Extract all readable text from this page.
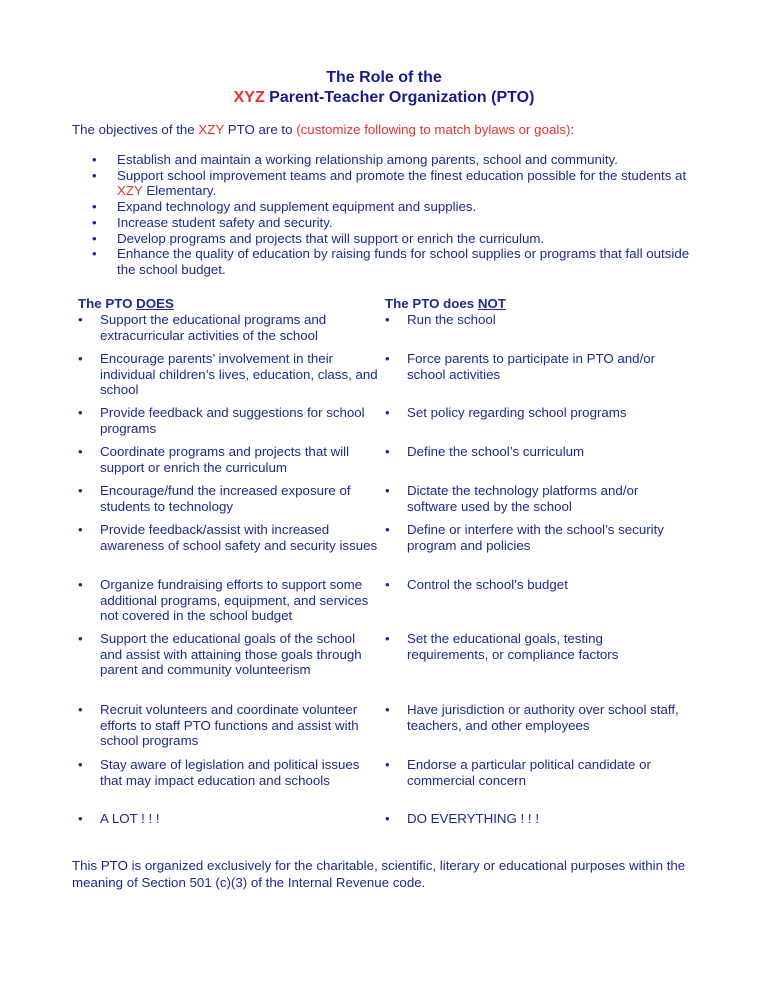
The Role of the
XYZ Parent-Teacher Organization (PTO)
The objectives of the XZY PTO are to (customize following to match bylaws or goals):
• Establish and maintain a working relationship among parents, school and community.
• Support school improvement teams and promote the finest education possible for the students at XZY Elementary.
• Expand technology and supplement equipment and supplies.
• Increase student safety and security.
• Develop programs and projects that will support or enrich the curriculum.
• Enhance the quality of education by raising funds for school supplies or programs that fall outside the school budget.
The PTO DOES
• Support the educational programs and extracurricular activities of the school
• Encourage parents’ involvement in their individual children’s lives, education, class, and school
• Provide feedback and suggestions for school programs
• Coordinate programs and projects that will support or enrich the curriculum
• Encourage/fund the increased exposure of students to technology
• Provide feedback/assist with increased awareness of school safety and security issues
• Organize fundraising efforts to support some additional programs, equipment, and services not covered in the school budget
• Support the educational goals of the school and assist with attaining those goals through parent and community volunteerism
• Recruit volunteers and coordinate volunteer efforts to staff PTO functions and assist with school programs
• Stay aware of legislation and political issues that may impact education and schools
• A LOT ! ! !
The PTO does NOT
• Run the school
• Force parents to participate in PTO and/or school activities
• Set policy regarding school programs
• Define the school’s curriculum
• Dictate the technology platforms and/or software used by the school
• Define or interfere with the school’s security program and policies
• Control the school’s budget
• Set the educational goals, testing requirements, or compliance factors
• Have jurisdiction or authority over school staff, teachers, and other employees
• Endorse a particular political candidate or commercial concern
• DO EVERYTHING ! ! !
This PTO is organized exclusively for the charitable, scientific, literary or educational purposes within the meaning of Section 501 (c)(3) of the Internal Revenue code.
